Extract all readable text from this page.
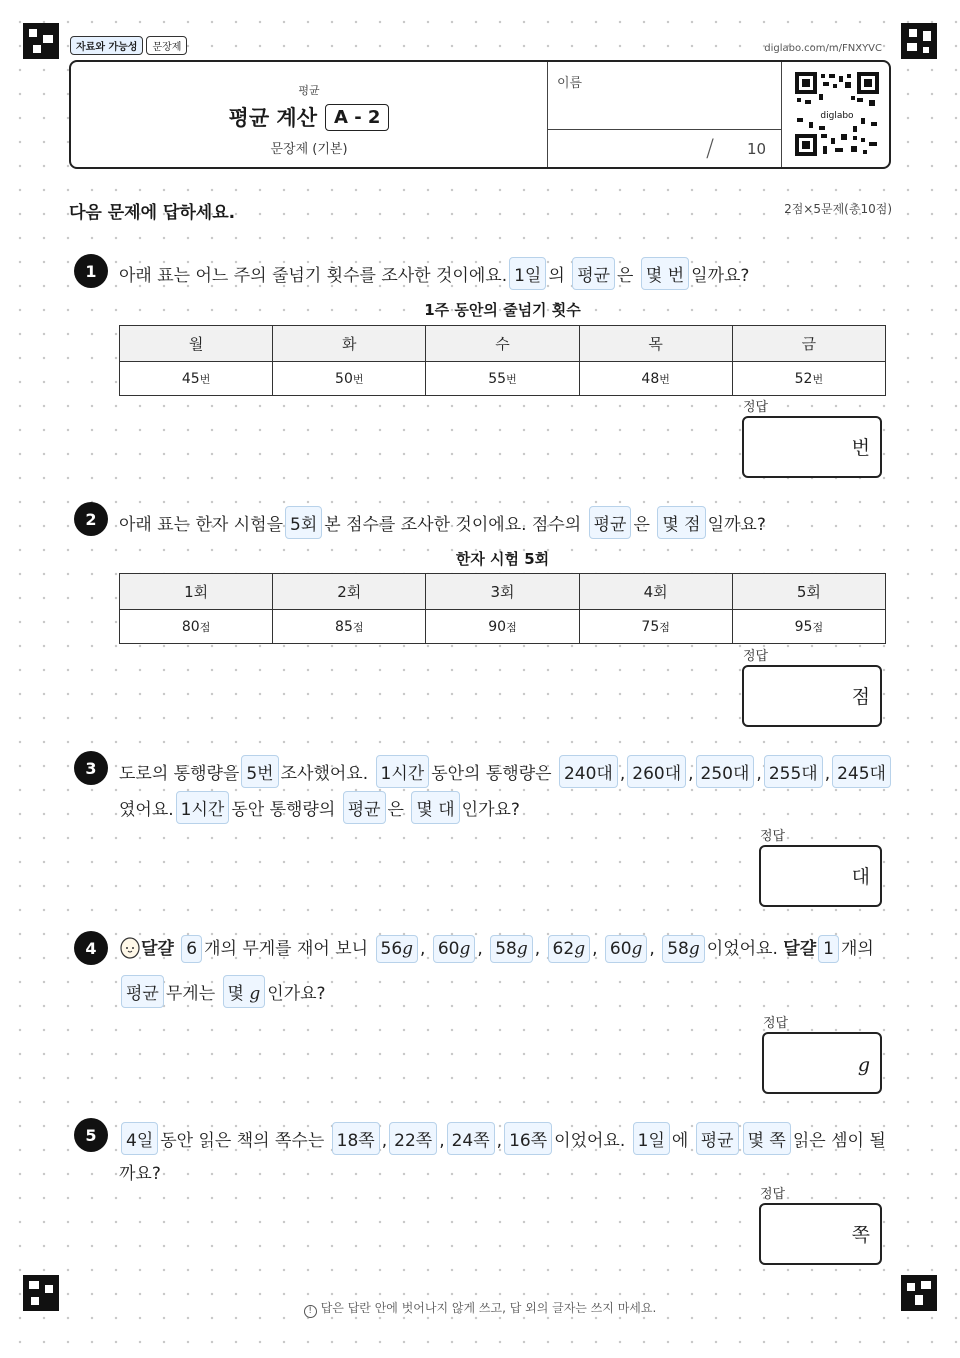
자료와 가능성 문장제	diglabo.com/m/FNXYVC
평균
평균 계산 A - 2
문장제 (기본)
이름
/ 10
diglabo
다음 문제에 답하세요.	2점×5문제(총10점)
1	아래 표는 어느 주의 줄넘기 횟수를 조사한 것이에요. 1일 의 평균 은 몇 번 일까요?
1주 동안의 줄넘기 횟수
월	화	수	목	금
45번	50번	55번	48번	52번
정답
번
2	아래 표는 한자 시험을 5회 본 점수를 조사한 것이에요. 점수의 평균 은 몇 점 일까요?
한자 시험 5회
1회	2회	3회	4회	5회
80점	85점	90점	75점	95점
정답
점
3	도로의 통행량을 5번 조사했어요. 1시간 동안의 통행량은 240대 , 260대 , 250대 , 255대 , 245대
였어요. 1시간 동안 통행량의 평균 은 몇 대 인가요?
정답
대
4	달걀 6 개의 무게를 재어 보니 56g , 60g , 58g , 62g , 60g , 58g 이었어요. 달걀 1 개의
평균 무게는 몇 g 인가요?
정답
g
5	4일 동안 읽은 책의 쪽수는 18쪽 , 22쪽 , 24쪽 , 16쪽 이었어요. 1일 에 평균 몇 쪽 읽은 셈이 될
까요?
정답
쪽
! 답은 답란 안에 벗어나지 않게 쓰고, 답 외의 글자는 쓰지 마세요.
